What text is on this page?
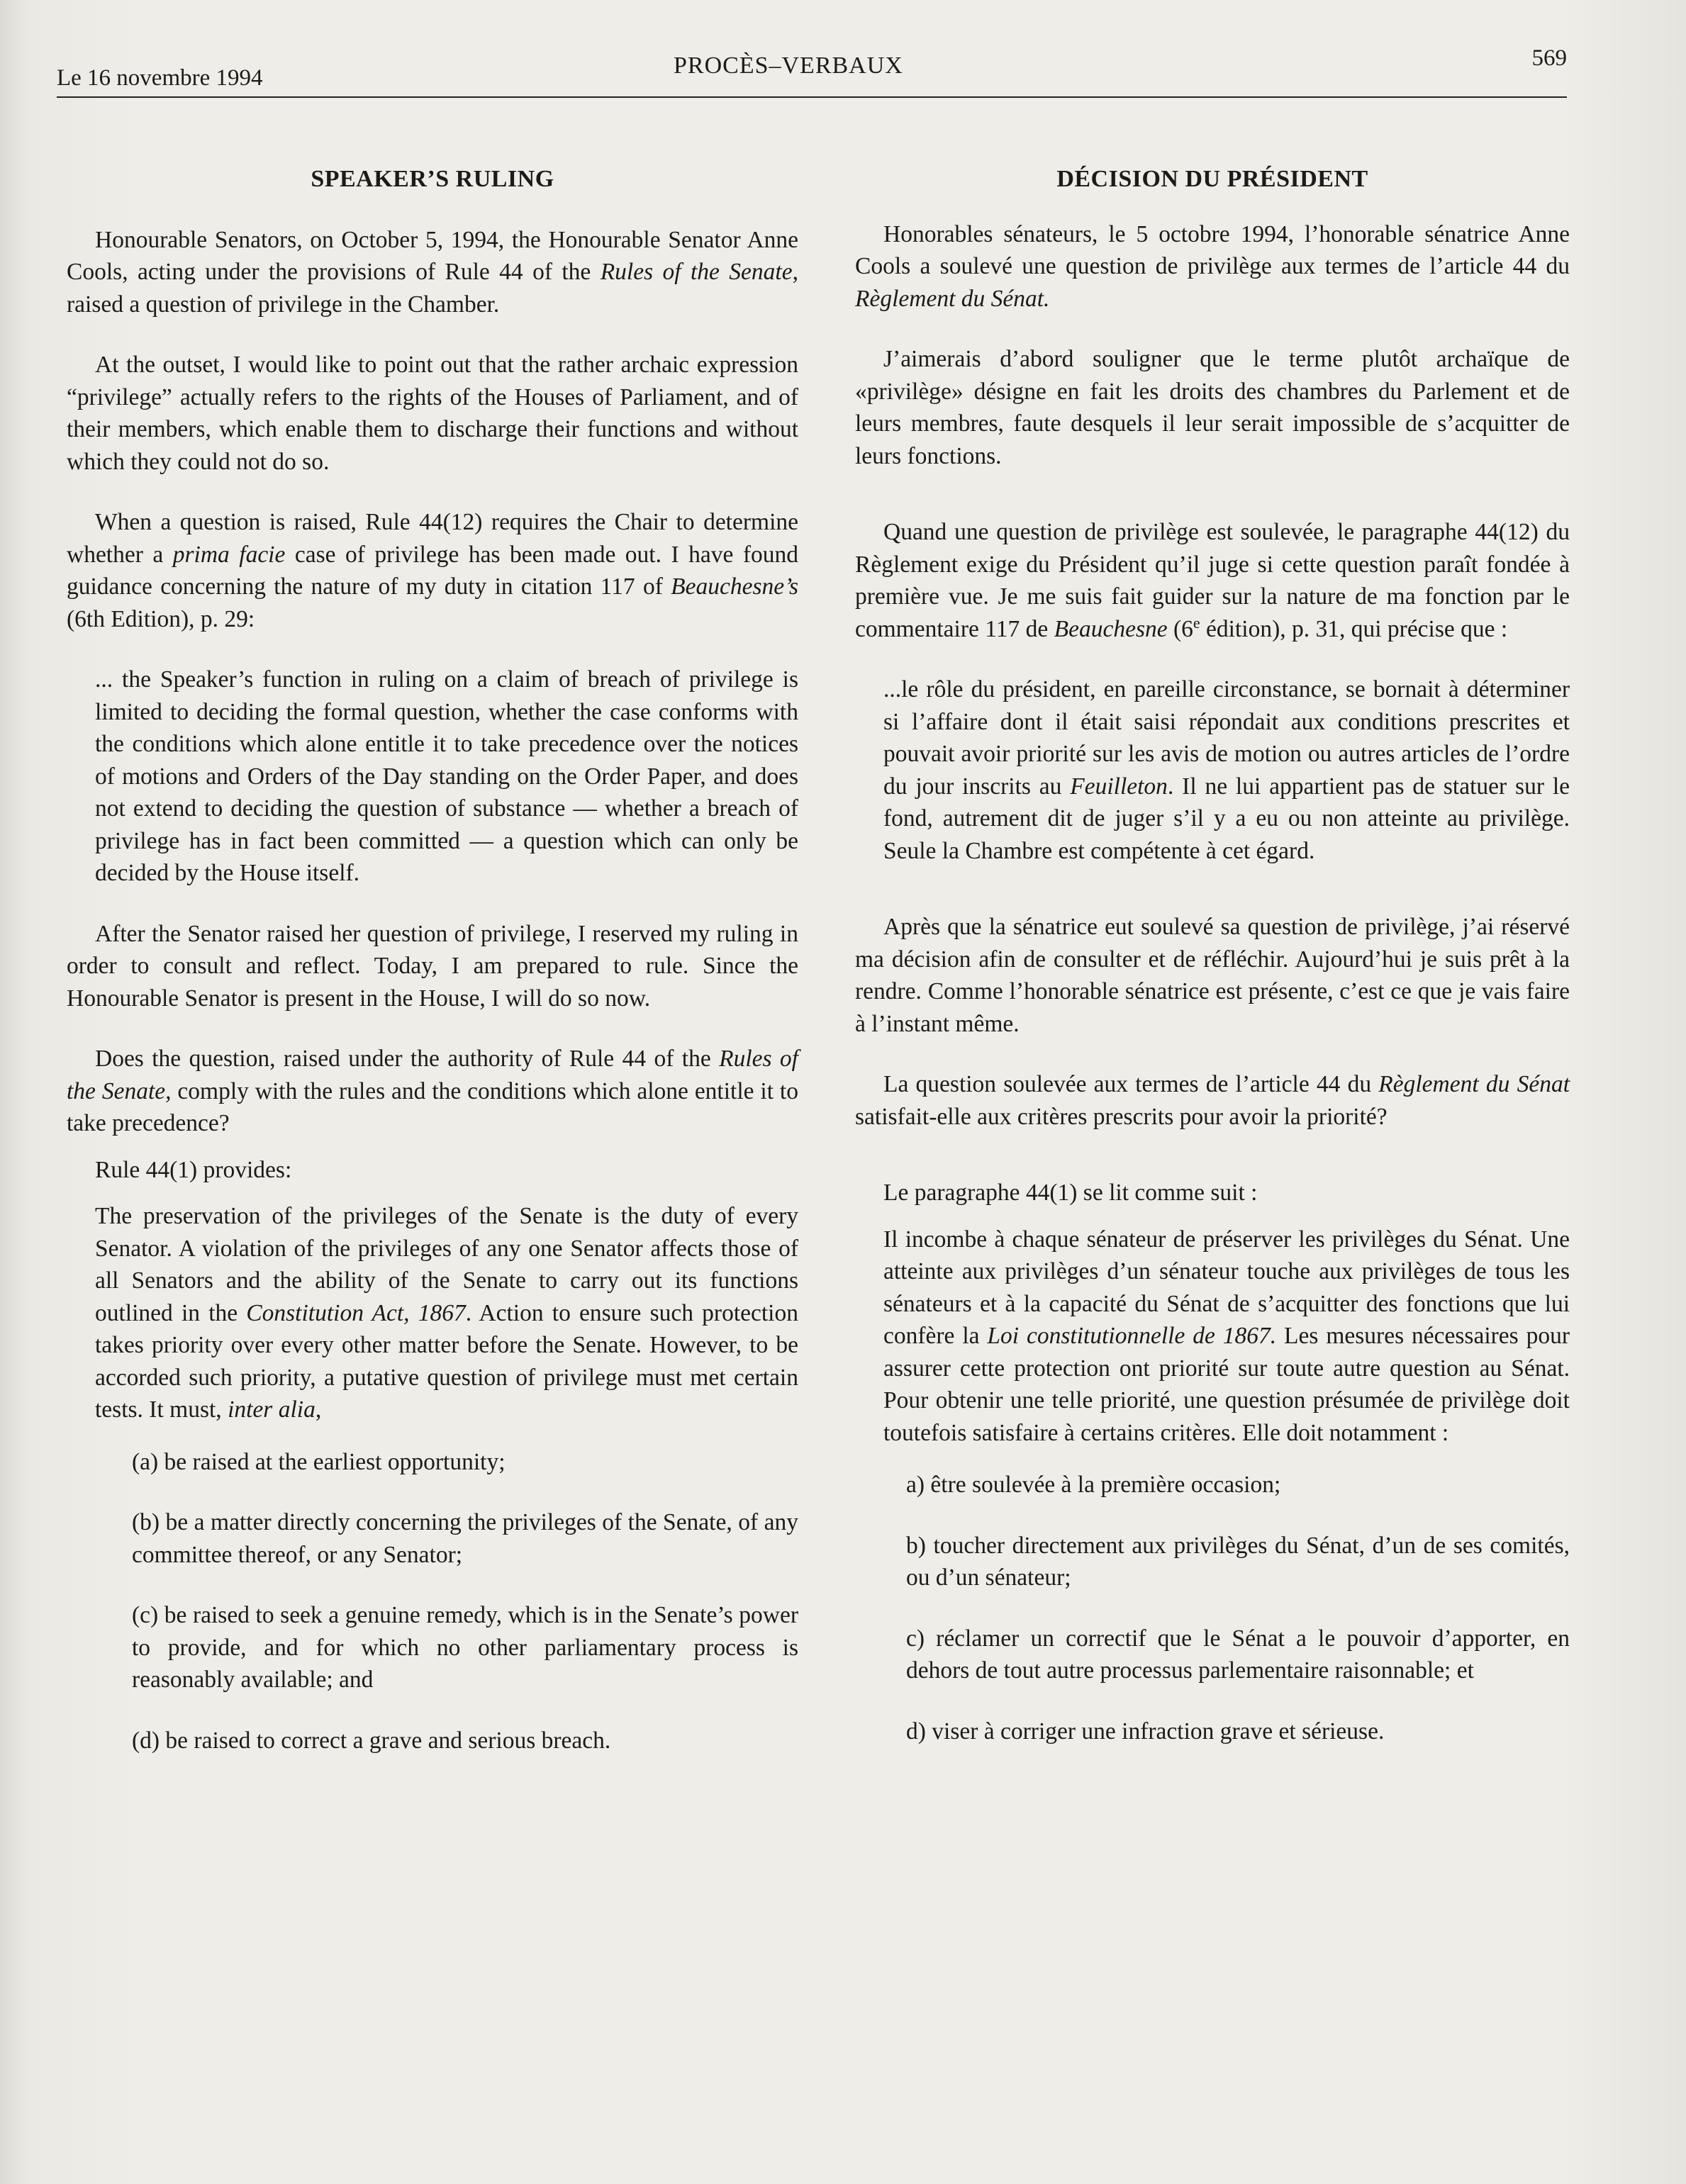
Le 16 novembre 1994	PROCÈS–VERBAUX	569
SPEAKER’S RULING

Honourable Senators, on October 5, 1994, the Honourable Senator Anne Cools, acting under the provisions of Rule 44 of the Rules of the Senate, raised a question of privilege in the Chamber.

At the outset, I would like to point out that the rather archaic expression “privilege” actually refers to the rights of the Houses of Parliament, and of their members, which enable them to discharge their functions and without which they could not do so.

When a question is raised, Rule 44(12) requires the Chair to determine whether a prima facie case of privilege has been made out. I have found guidance concerning the nature of my duty in citation 117 of Beauchesne’s (6th Edition), p. 29:

... the Speaker’s function in ruling on a claim of breach of privilege is limited to deciding the formal question, whether the case conforms with the conditions which alone entitle it to take precedence over the notices of motions and Orders of the Day standing on the Order Paper, and does not extend to deciding the question of substance — whether a breach of privilege has in fact been committed — a question which can only be decided by the House itself.

After the Senator raised her question of privilege, I reserved my ruling in order to consult and reflect. Today, I am prepared to rule. Since the Honourable Senator is present in the House, I will do so now.

Does the question, raised under the authority of Rule 44 of the Rules of the Senate, comply with the rules and the conditions which alone entitle it to take precedence?

Rule 44(1) provides:

The preservation of the privileges of the Senate is the duty of every Senator. A violation of the privileges of any one Senator affects those of all Senators and the ability of the Senate to carry out its functions outlined in the Constitution Act, 1867. Action to ensure such protection takes priority over every other matter before the Senate. However, to be accorded such priority, a putative question of privilege must met certain tests. It must, inter alia,

(a) be raised at the earliest opportunity;

(b) be a matter directly concerning the privileges of the Senate, of any committee thereof, or any Senator;

(c) be raised to seek a genuine remedy, which is in the Senate’s power to provide, and for which no other parliamentary process is reasonably available; and

(d) be raised to correct a grave and serious breach.

DÉCISION DU PRÉSIDENT

Honorables sénateurs, le 5 octobre 1994, l’honorable sénatrice Anne Cools a soulevé une question de privilège aux termes de l’article 44 du Règlement du Sénat.

J’aimerais d’abord souligner que le terme plutôt archaïque de «privilège» désigne en fait les droits des chambres du Parlement et de leurs membres, faute desquels il leur serait impossible de s’acquitter de leurs fonctions.

Quand une question de privilège est soulevée, le paragraphe 44(12) du Règlement exige du Président qu’il juge si cette question paraît fondée à première vue. Je me suis fait guider sur la nature de ma fonction par le commentaire 117 de Beauchesne (6e édition), p. 31, qui précise que :

...le rôle du président, en pareille circonstance, se bornait à déterminer si l’affaire dont il était saisi répondait aux conditions prescrites et pouvait avoir priorité sur les avis de motion ou autres articles de l’ordre du jour inscrits au Feuilleton. Il ne lui appartient pas de statuer sur le fond, autrement dit de juger s’il y a eu ou non atteinte au privilège. Seule la Chambre est compétente à cet égard.

Après que la sénatrice eut soulevé sa question de privilège, j’ai réservé ma décision afin de consulter et de réfléchir. Aujourd’hui je suis prêt à la rendre. Comme l’honorable sénatrice est présente, c’est ce que je vais faire à l’instant même.

La question soulevée aux termes de l’article 44 du Règlement du Sénat satisfait-elle aux critères prescrits pour avoir la priorité?

Le paragraphe 44(1) se lit comme suit :

Il incombe à chaque sénateur de préserver les privilèges du Sénat. Une atteinte aux privilèges d’un sénateur touche aux privilèges de tous les sénateurs et à la capacité du Sénat de s’acquitter des fonctions que lui confère la Loi constitutionnelle de 1867. Les mesures nécessaires pour assurer cette protection ont priorité sur toute autre question au Sénat. Pour obtenir une telle priorité, une question présumée de privilège doit toutefois satisfaire à certains critères. Elle doit notamment :

a) être soulevée à la première occasion;

b) toucher directement aux privilèges du Sénat, d’un de ses comités, ou d’un sénateur;

c) réclamer un correctif que le Sénat a le pouvoir d’apporter, en dehors de tout autre processus parlementaire raisonnable; et

d) viser à corriger une infraction grave et sérieuse.
